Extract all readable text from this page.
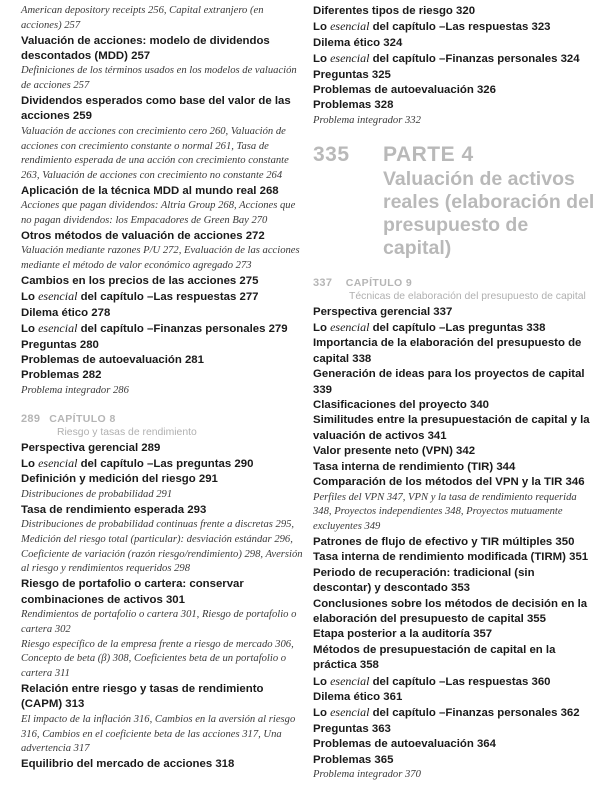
American depository receipts 256, Capital extranjero (en acciones) 257
Valuación de acciones: modelo de dividendos descontados (MDD) 257
Definiciones de los términos usados en los modelos de valuación de acciones 257
Dividendos esperados como base del valor de las acciones 259
Valuación de acciones con crecimiento cero 260, Valuación de acciones con crecimiento constante o normal 261, Tasa de rendimiento esperada de una acción con crecimiento constante 263, Valuación de acciones con crecimiento no constante 264
Aplicación de la técnica MDD al mundo real 268
Acciones que pagan dividendos: Altria Group 268, Acciones que no pagan dividendos: los Empacadores de Green Bay 270
Otros métodos de valuación de acciones 272
Valuación mediante razones P/U 272, Evaluación de las acciones mediante el método de valor económico agregado 273
Cambios en los precios de las acciones 275
Lo esencial del capítulo –Las respuestas 277
Dilema ético 278
Lo esencial del capítulo –Finanzas personales 279
Preguntas 280
Problemas de autoevaluación 281
Problemas 282
Problema integrador 286
289 CAPÍTULO 8
Riesgo y tasas de rendimiento
Perspectiva gerencial 289
Lo esencial del capítulo –Las preguntas 290
Definición y medición del riesgo 291
Distribuciones de probabilidad 291
Tasa de rendimiento esperada 293
Distribuciones de probabilidad continuas frente a discretas 295, Medición del riesgo total (particular): desviación estándar 296, Coeficiente de variación (razón riesgo/rendimiento) 298, Aversión al riesgo y rendimientos requeridos 298
Riesgo de portafolio o cartera: conservar combinaciones de activos 301
Rendimientos de portafolio o cartera 301, Riesgo de portafolio o cartera 302
Riesgo específico de la empresa frente a riesgo de mercado 306, Concepto de beta (β) 308, Coeficientes beta de un portafolio o cartera 311
Relación entre riesgo y tasas de rendimiento (CAPM) 313
El impacto de la inflación 316, Cambios en la aversión al riesgo 316, Cambios en el coeficiente beta de las acciones 317, Una advertencia 317
Equilibrio del mercado de acciones 318
Diferentes tipos de riesgo 320
Lo esencial del capítulo –Las respuestas 323
Dilema ético 324
Lo esencial del capítulo –Finanzas personales 324
Preguntas 325
Problemas de autoevaluación 326
Problemas 328
Problema integrador 332
335 PARTE 4
Valuación de activos reales (elaboración del presupuesto de capital)
337 CAPÍTULO 9
Técnicas de elaboración del presupuesto de capital
Perspectiva gerencial 337
Lo esencial del capítulo –Las preguntas 338
Importancia de la elaboración del presupuesto de capital 338
Generación de ideas para los proyectos de capital 339
Clasificaciones del proyecto 340
Similitudes entre la presupuestación de capital y la valuación de activos 341
Valor presente neto (VPN) 342
Tasa interna de rendimiento (TIR) 344
Comparación de los métodos del VPN y la TIR 346
Perfiles del VPN 347, VPN y la tasa de rendimiento requerida 348, Proyectos independientes 348, Proyectos mutuamente excluyentes 349
Patrones de flujo de efectivo y TIR múltiples 350
Tasa interna de rendimiento modificada (TIRM) 351
Periodo de recuperación: tradicional (sin descontar) y descontado 353
Conclusiones sobre los métodos de decisión en la elaboración del presupuesto de capital 355
Etapa posterior a la auditoría 357
Métodos de presupuestación de capital en la práctica 358
Lo esencial del capítulo –Las respuestas 360
Dilema ético 361
Lo esencial del capítulo –Finanzas personales 362
Preguntas 363
Problemas de autoevaluación 364
Problemas 365
Problema integrador 370
